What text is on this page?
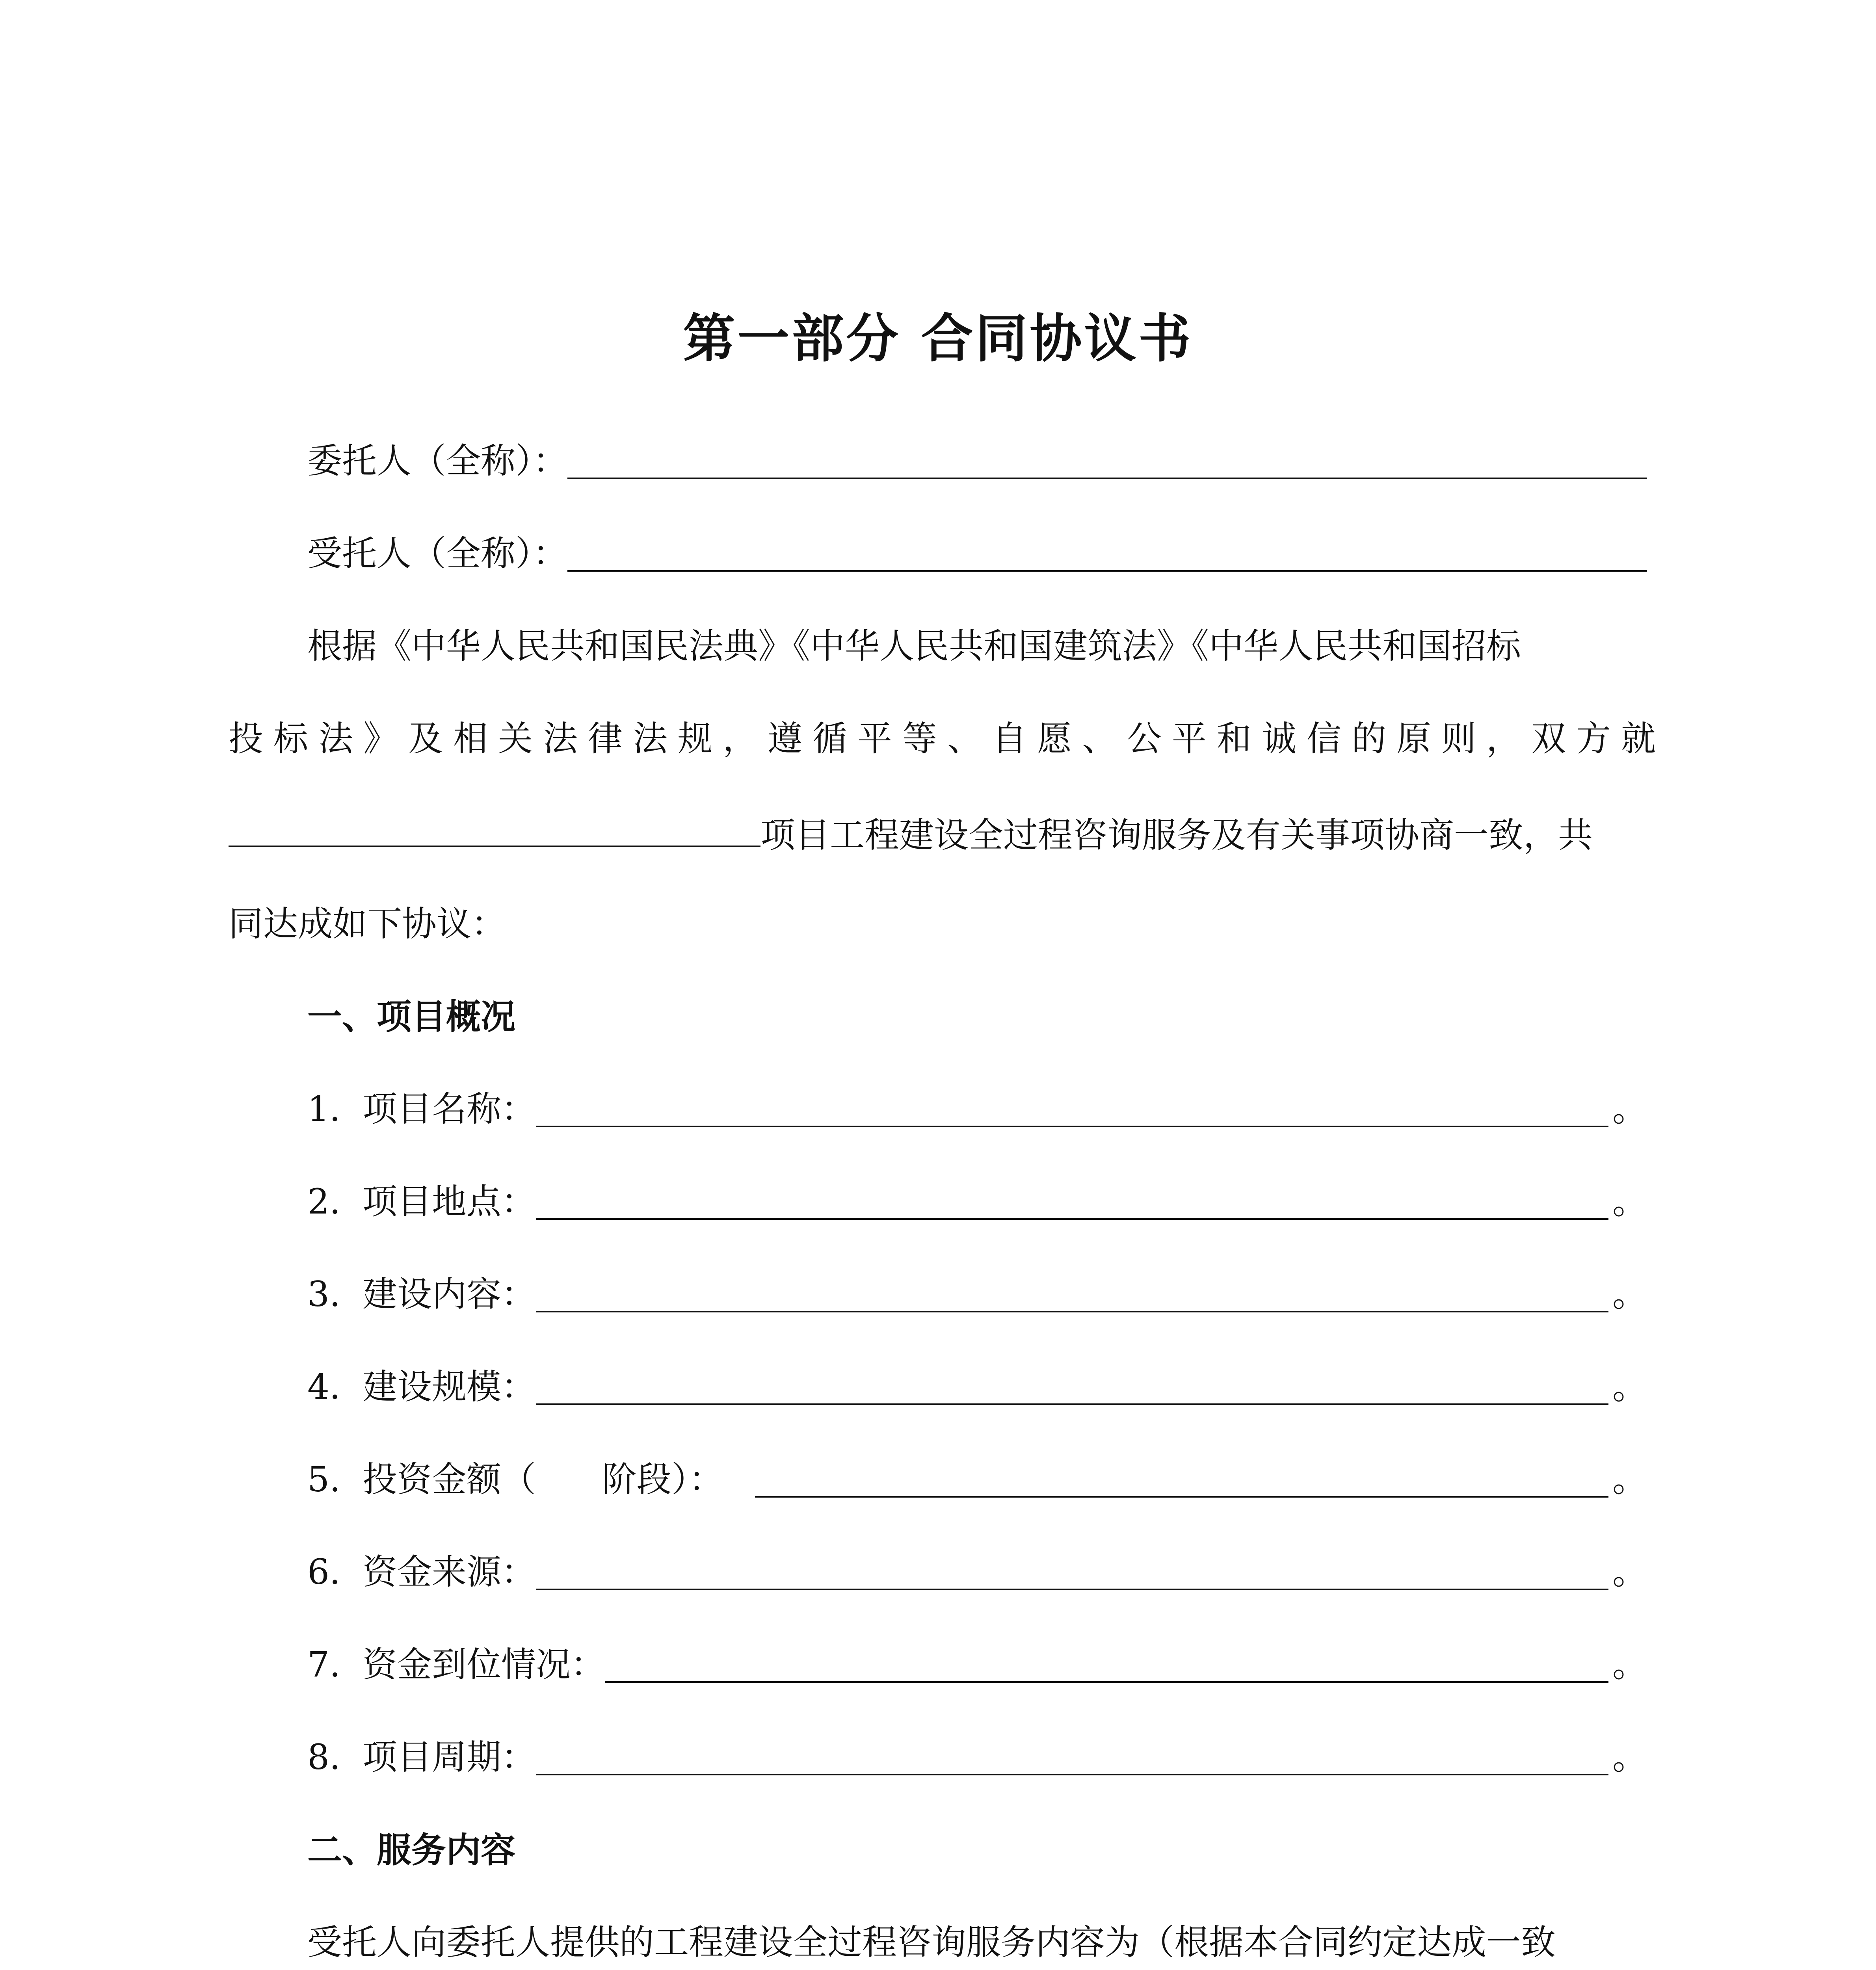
第一部分 合同协议书
委托人（全称）：
受托人（全称）：
根据《中华人民共和国民法典》《中华人民共和国建筑法》《中华人民共和国招标
投标法》及相关法律法规，遵循平等、自愿、公平和诚信的原则，双方就
项目工程建设全过程咨询服务及有关事项协商一致，共
同达成如下协议：
一、项目概况
1. 项目名称：	。
2. 项目地点：	。
3. 建设内容：	。
4. 建设规模：	。
5. 投资金额（      阶段）：	。
6. 资金来源：	。
7. 资金到位情况：	。
8. 项目周期：	。
二、服务内容
受托人向委托人提供的工程建设全过程咨询服务内容为（根据本合同约定达成一致
